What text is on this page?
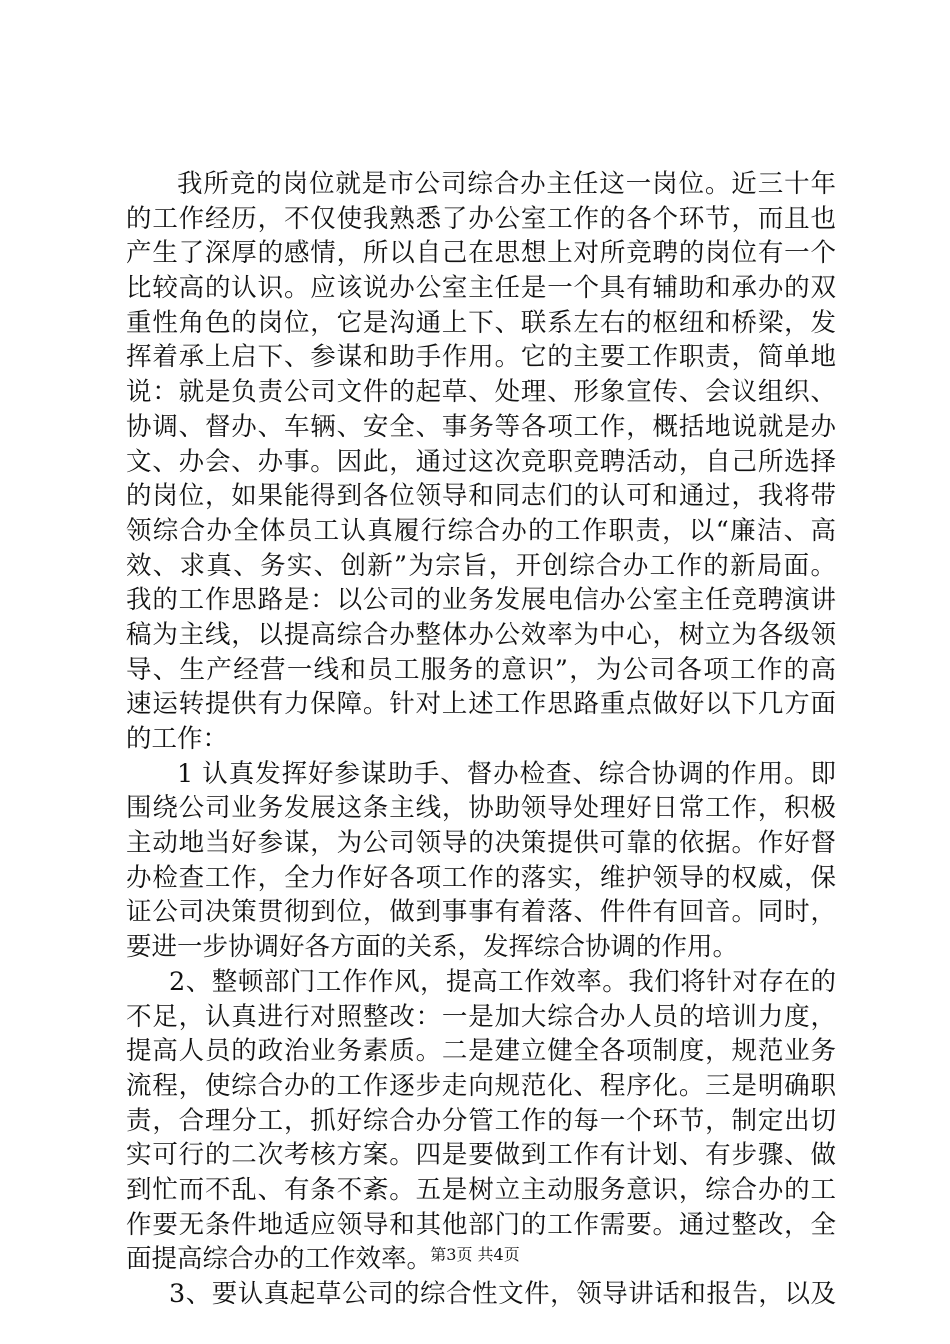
我所竞的岗位就是市公司综合办主任这一岗位。近三十年
的工作经历，不仅使我熟悉了办公室工作的各个环节，而且也
产生了深厚的感情，所以自己在思想上对所竞聘的岗位有一个
比较高的认识。应该说办公室主任是一个具有辅助和承办的双
重性角色的岗位，它是沟通上下、联系左右的枢纽和桥梁，发
挥着承上启下、参谋和助手作用。它的主要工作职责，简单地
说：就是负责公司文件的起草、处理、形象宣传、会议组织、
协调、督办、车辆、安全、事务等各项工作，概括地说就是办
文、办会、办事。因此，通过这次竞职竞聘活动，自己所选择
的岗位，如果能得到各位领导和同志们的认可和通过，我将带
领综合办全体员工认真履行综合办的工作职责，以“廉洁、高
效、求真、务实、创新”为宗旨，开创综合办工作的新局面。
我的工作思路是：以公司的业务发展电信办公室主任竞聘演讲
稿为主线，以提高综合办整体办公效率为中心，树立为各级领
导、生产经营一线和员工服务的意识”，为公司各项工作的高
速运转提供有力保障。针对上述工作思路重点做好以下几方面
的工作：
1 认真发挥好参谋助手、督办检查、综合协调的作用。即
围绕公司业务发展这条主线，协助领导处理好日常工作，积极
主动地当好参谋，为公司领导的决策提供可靠的依据。作好督
办检查工作，全力作好各项工作的落实，维护领导的权威，保
证公司决策贯彻到位，做到事事有着落、件件有回音。同时，
要进一步协调好各方面的关系，发挥综合协调的作用。
2、整顿部门工作作风，提高工作效率。我们将针对存在的
不足，认真进行对照整改：一是加大综合办人员的培训力度，
提高人员的政治业务素质。二是建立健全各项制度，规范业务
流程，使综合办的工作逐步走向规范化、程序化。三是明确职
责，合理分工，抓好综合办分管工作的每一个环节，制定出切
实可行的二次考核方案。四是要做到工作有计划、有步骤、做
到忙而不乱、有条不紊。五是树立主动服务意识，综合办的工
作要无条件地适应领导和其他部门的工作需要。通过整改，全
面提高综合办的工作效率。
3、要认真起草公司的综合性文件，领导讲话和报告，以及
第3页 共4页
